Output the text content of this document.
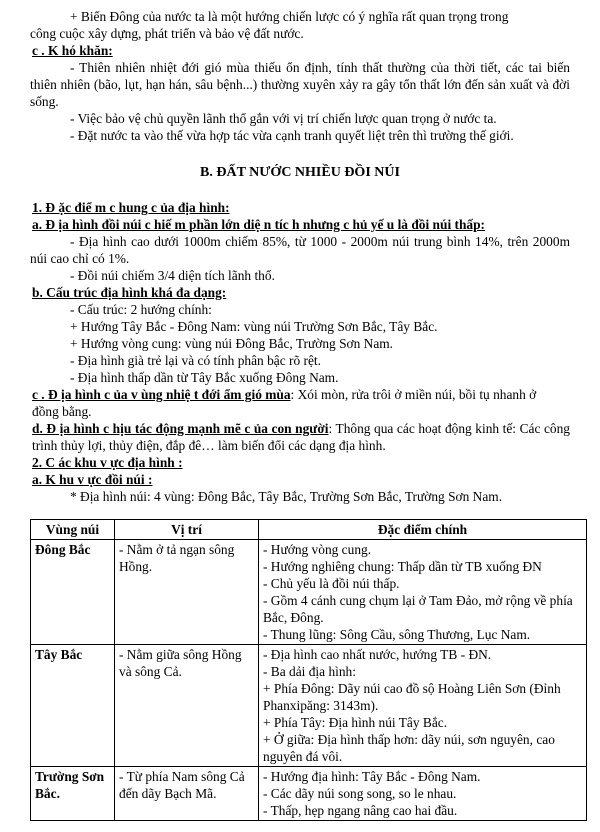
+ Biển Đông của nước ta là một hướng chiến lược có ý nghĩa rất quan trọng trong

công cuộc xây dựng, phát triển và bảo vệ đất nước.

c . K hó khăn:

- Thiên nhiên nhiệt đới gió mùa thiếu ổn định, tính thất thường của thời tiết, các tai biến thiên nhiên (bão, lụt, hạn hán, sâu bệnh...) thường xuyên xảy ra gây tổn thất lớn đến sản xuất và đời sống.

- Việc bảo vệ chủ quyền lãnh thổ gắn với vị trí chiến lược quan trọng ở nước ta.

- Đặt nước ta vào thế vừa hợp tác vừa cạnh tranh quyết liệt trên thì trường thế giới.

B. ĐẤT NƯỚC NHIỀU ĐỒI NÚI

1. Đ ặc điể m c hung c ủa địa hình:

a. Đ ịa hình đồi núi c hiế m phần lớn diệ n tíc h nhưng c hủ yế u là đồi núi thấp:

- Địa hình cao dưới 1000m chiếm 85%, từ 1000 - 2000m núi trung bình 14%, trên 2000m núi cao chỉ có 1%.

- Đồi núi chiếm 3/4 diện tích lãnh thổ.

b. Cấu trúc địa hình khá đa dạng:

- Cấu trúc: 2 hướng chính:

+ Hướng Tây Bắc - Đông Nam: vùng núi Trường Sơn Bắc, Tây Bắc.

+ Hướng vòng cung: vùng núi Đông Bắc, Trường Sơn Nam.

- Địa hình già trẻ lại và có tính phân bậc rõ rệt.

- Địa hình thấp dần từ Tây Bắc xuống Đông Nam.

c . Đ ịa hình c ủa v ùng nhiệ t đới ẩm gió mùa: Xói mòn, rửa trôi ở miền núi, bồi tụ nhanh ở

đồng bằng.

d. Đ ịa hình c hịu tác động mạnh mẽ c ủa con người: Thông qua các hoạt động kinh tế: Các công trình thủy lợi, thủy điện, đắp đê… làm biến đổi các dạng địa hình.

2. C ác khu v ực địa hình :

a. K hu v ực đồi núi :

* Địa hình núi: 4 vùng: Đông Bắc, Tây Bắc, Trường Sơn Bắc, Trường Sơn Nam.

Vùng núi	Vị trí	Đặc điểm chính
Đông Bắc	- Nằm ở tả ngạn sông Hồng.	- Hướng vòng cung.
- Hướng nghiêng chung: Thấp dần từ TB xuống ĐN
- Chủ yếu là đồi núi thấp.
- Gồm 4 cánh cung chụm lại ở Tam Đảo, mở rộng về phía Bắc, Đông.
- Thung lũng: Sông Cầu, sông Thương, Lục Nam.

Tây Bắc	- Nằm giữa sông Hồng và sông Cả.	- Địa hình cao nhất nước, hướng TB - ĐN.
- Ba dải địa hình:
+ Phía Đông: Dãy núi cao đồ sộ Hoàng Liên Sơn (Đỉnh Phanxipăng: 3143m).
+ Phía Tây: Địa hình núi Tây Bắc.
+ Ở giữa: Địa hình thấp hơn: dãy núi, sơn nguyên, cao nguyên đá vôi.

Trường Sơn Bắc.	- Từ phía Nam sông Cả đến dãy Bạch Mã.	- Hướng địa hình: Tây Bắc - Đông Nam.
- Các dãy núi song song, so le nhau.
- Thấp, hẹp ngang nâng cao hai đầu.
